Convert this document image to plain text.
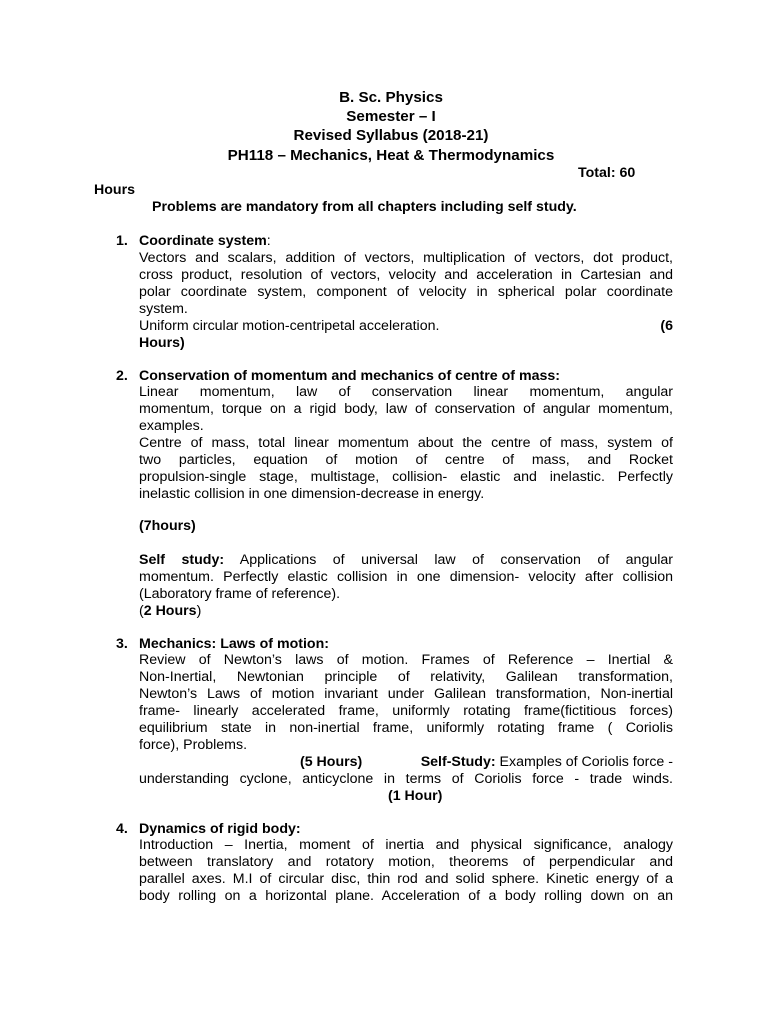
B. Sc. Physics
Semester – I
Revised Syllabus (2018-21)
PH118 – Mechanics, Heat & Thermodynamics
Total: 60
Hours
Problems are mandatory from all chapters including self study.
1. Coordinate system:
Vectors and scalars, addition of vectors, multiplication of vectors, dot product,
cross product, resolution of vectors, velocity and acceleration in Cartesian and
polar coordinate system, component of velocity in spherical polar coordinate
system.
Uniform circular motion-centripetal acceleration.	(6
Hours)
2. Conservation of momentum and mechanics of centre of mass:
Linear momentum, law of conservation linear momentum, angular
momentum, torque on a rigid body, law of conservation of angular momentum,
examples.
Centre of mass, total linear momentum about the centre of mass, system of
two particles, equation of motion of centre of mass, and Rocket
propulsion-single stage, multistage, collision- elastic and inelastic. Perfectly
inelastic collision in one dimension-decrease in energy.
(7hours)
Self study: Applications of universal law of conservation of angular
momentum. Perfectly elastic collision in one dimension- velocity after collision
(Laboratory frame of reference).
(2 Hours)
3. Mechanics: Laws of motion:
Review of Newton’s laws of motion. Frames of Reference – Inertial &
Non-Inertial, Newtonian principle of relativity, Galilean transformation,
Newton’s Laws of motion invariant under Galilean transformation, Non-inertial
frame- linearly accelerated frame, uniformly rotating frame(fictitious forces)
equilibrium state in non-inertial frame, uniformly rotating frame ( Coriolis
force), Problems.
(5 Hours)	Self-Study: Examples of Coriolis force -
understanding cyclone, anticyclone in terms of Coriolis force - trade winds.
(1 Hour)
4. Dynamics of rigid body:
Introduction – Inertia, moment of inertia and physical significance, analogy
between translatory and rotatory motion, theorems of perpendicular and
parallel axes. M.I of circular disc, thin rod and solid sphere. Kinetic energy of a
body rolling on a horizontal plane. Acceleration of a body rolling down on an
